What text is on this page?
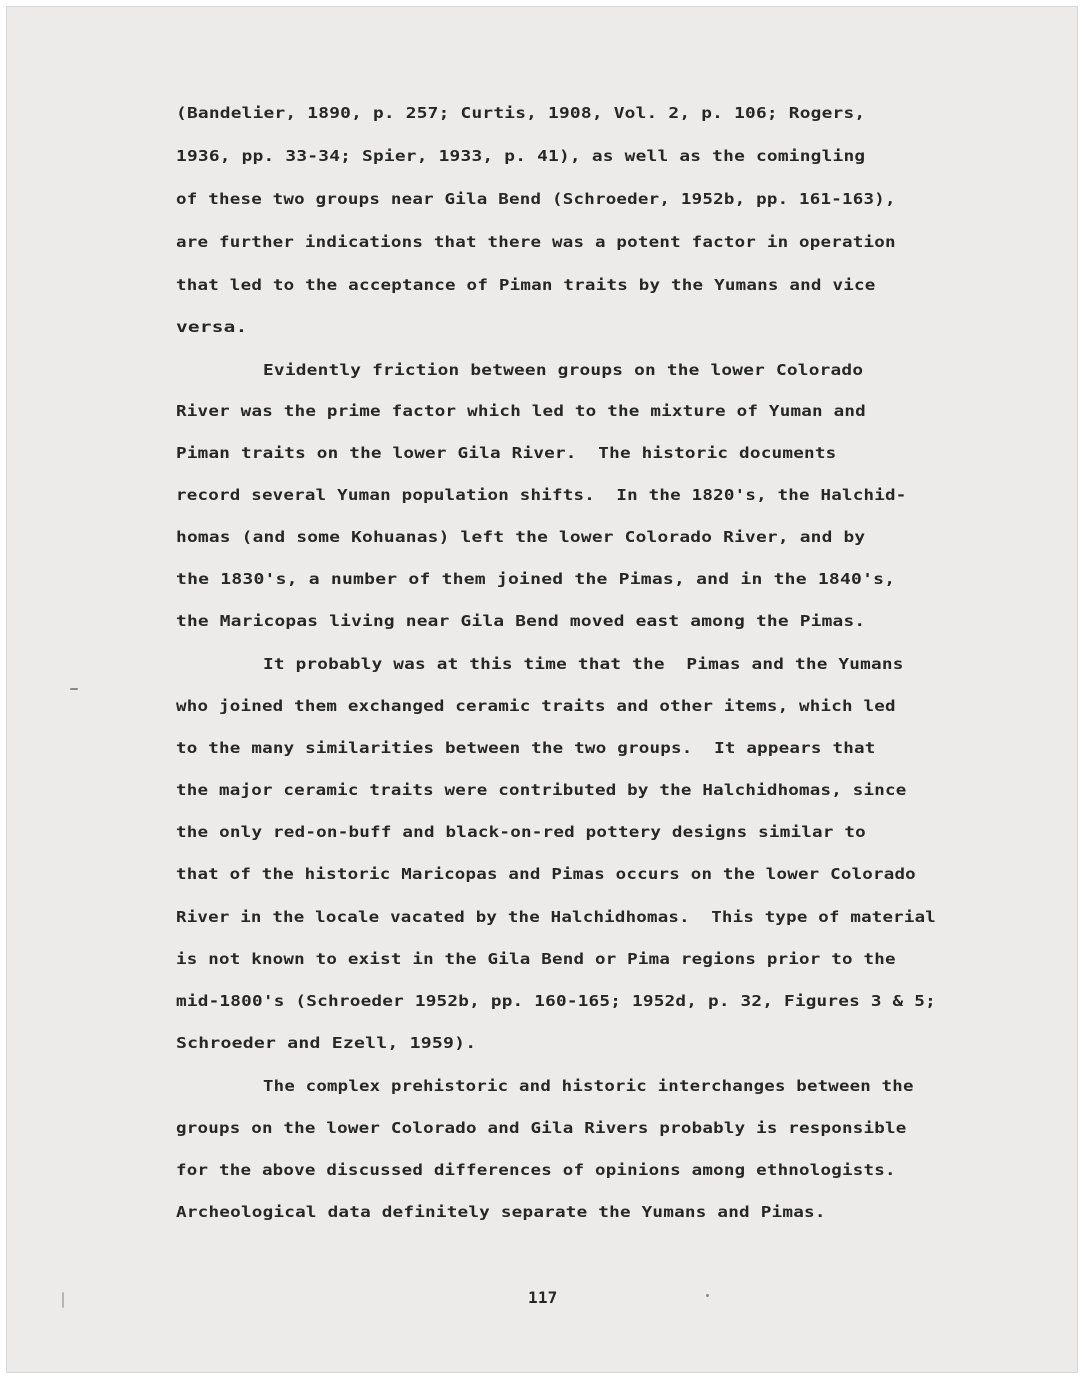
(Bandelier, 1890, p. 257; Curtis, 1908, Vol. 2, p. 106; Rogers,
1936, pp. 33-34; Spier, 1933, p. 41), as well as the comingling
of these two groups near Gila Bend (Schroeder, 1952b, pp. 161-163),
are further indications that there was a potent factor in operation
that led to the acceptance of Piman traits by the Yumans and vice
versa.
Evidently friction between groups on the lower Colorado
River was the prime factor which led to the mixture of Yuman and
Piman traits on the lower Gila River.  The historic documents
record several Yuman population shifts.  In the 1820's, the Halchid-
homas (and some Kohuanas) left the lower Colorado River, and by
the 1830's, a number of them joined the Pimas, and in the 1840's,
the Maricopas living near Gila Bend moved east among the Pimas.
It probably was at this time that the  Pimas and the Yumans
who joined them exchanged ceramic traits and other items, which led
to the many similarities between the two groups.  It appears that
the major ceramic traits were contributed by the Halchidhomas, since
the only red-on-buff and black-on-red pottery designs similar to
that of the historic Maricopas and Pimas occurs on the lower Colorado
River in the locale vacated by the Halchidhomas.  This type of material
is not known to exist in the Gila Bend or Pima regions prior to the
mid-1800's (Schroeder 1952b, pp. 160-165; 1952d, p. 32, Figures 3 & 5;
Schroeder and Ezell, 1959).
The complex prehistoric and historic interchanges between the
groups on the lower Colorado and Gila Rivers probably is responsible
for the above discussed differences of opinions among ethnologists.
Archeological data definitely separate the Yumans and Pimas.
117
